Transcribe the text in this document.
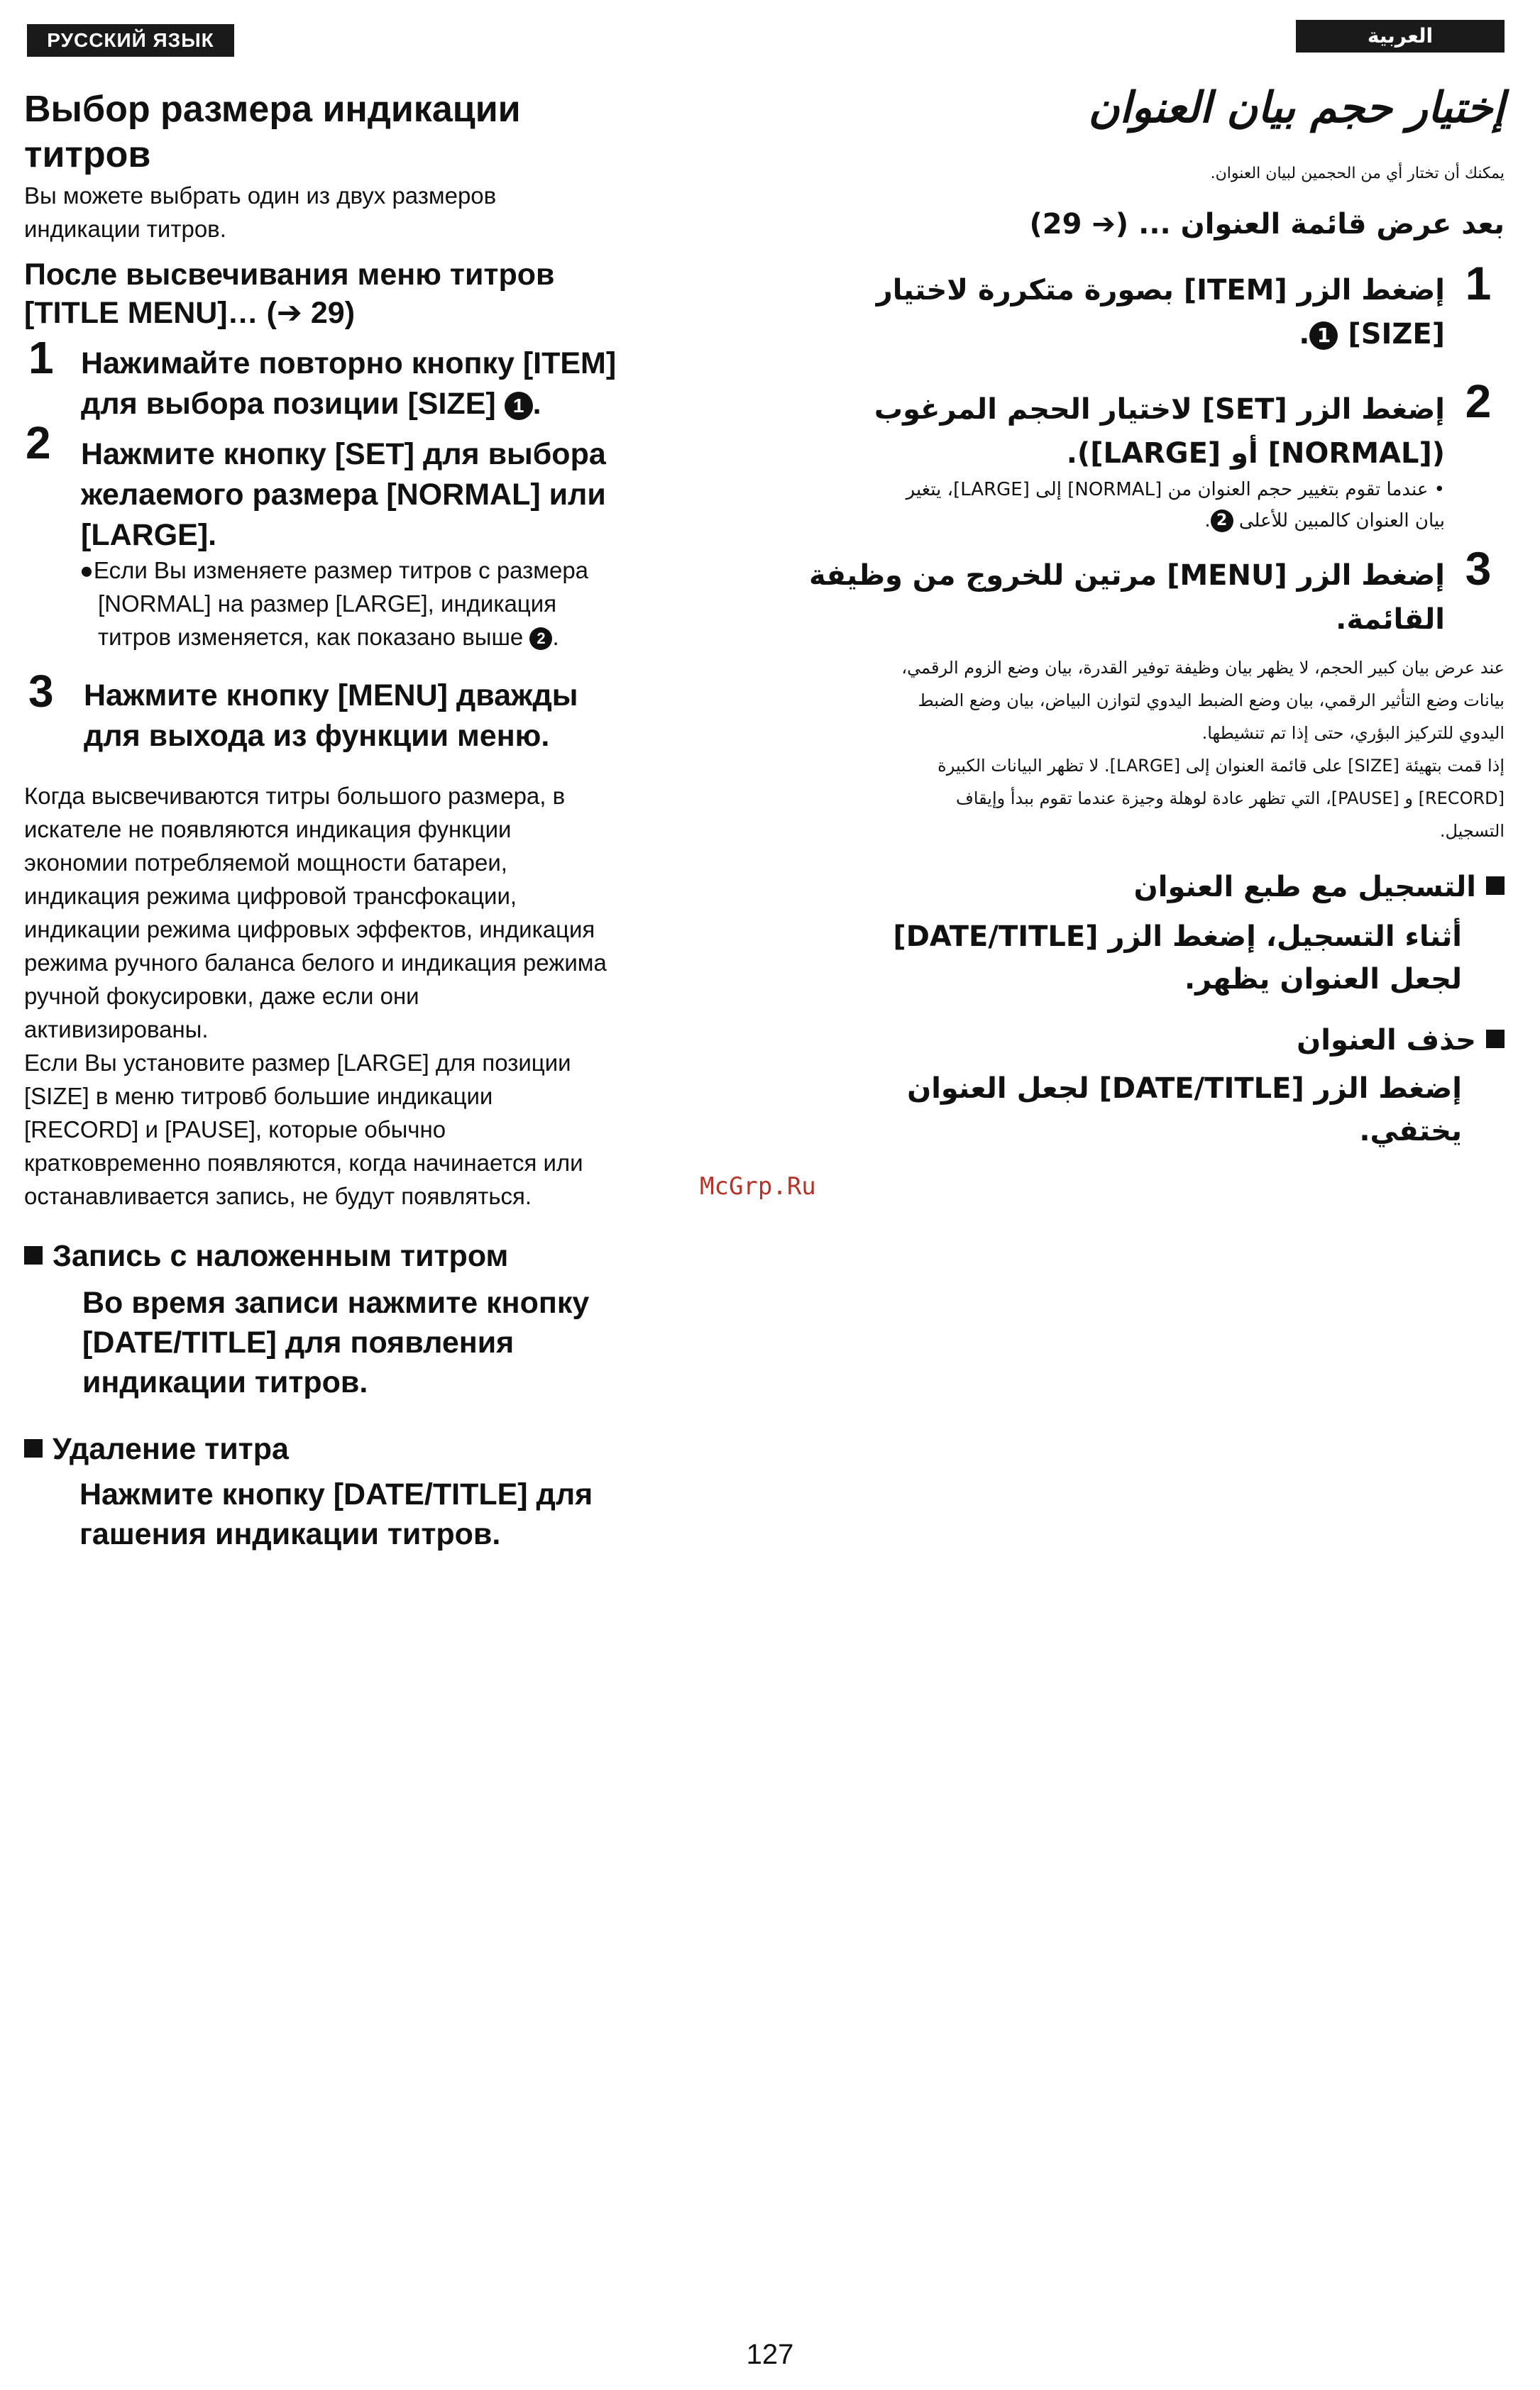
РУССКИЙ ЯЗЫК	العربية
Выбор размера индикации
титров
Вы можете выбрать один из двух размеров
индикации титров.
После высвечивания меню титров
[TITLE MENU]… (➔ 29)
1 Нажимайте повторно кнопку [ITEM]
для выбора позиции [SIZE] 1 .
2 Нажмите кнопку [SET] для выбора
желаемого размера [NORMAL] или
[LARGE].
●Если Вы изменяете размер титров с размера
[NORMAL] на размер [LARGE], индикация
титров изменяется, как показано выше 2 .
3 Нажмите кнопку [MENU] дважды
для выхода из функции меню.
Когда высвечиваются титры большого размера, в
искателе не появляются индикация функции
экономии потребляемой мощности батареи,
индикация режима цифровой трансфокации,
индикации режима цифровых эффектов, индикация
режима ручного баланса белого и индикация режима
ручной фокусировки, даже если они
активизированы.
Если Вы установите размер [LARGE] для позиции
[SIZE] в меню титровб большие индикации
[RECORD] и [PAUSE], которые обычно
кратковременно появляются, когда начинается или
останавливается запись, не будут появляться.	McGrp.Ru
Запись с наложенным титром
Во время записи нажмите кнопку
[DATE/TITLE] для появления
индикации титров.
Удаление титра
Нажмите кнопку [DATE/TITLE] для
гашения индикации титров.
إختيار حجم بيان العنوان
يمكنك أن تختار أي من الحجمين لبيان العنوان.
بعد عرض قائمة العنوان ... (➔ 29)
1
إضغط الزر [ITEM] بصورة متكررة لاختيار
[SIZE] 1.
2
إضغط الزر [SET] لاختيار الحجم المرغوب
([NORMAL] أو [LARGE]).
• عندما تقوم بتغيير حجم العنوان من [NORMAL] إلى [LARGE]، يتغير
بيان العنوان كالمبين للأعلى 2.
3
إضغط الزر [MENU] مرتين للخروج من وظيفة
القائمة.
عند عرض بيان كبير الحجم، لا يظهر بيان وظيفة توفير القدرة، بيان وضع الزوم الرقمي،
بيانات وضع التأثير الرقمي، بيان وضع الضبط اليدوي لتوازن البياض، بيان وضع الضبط
اليدوي للتركيز البؤري، حتى إذا تم تنشيطها.
إذا قمت بتهيئة [SIZE] على قائمة العنوان إلى [LARGE]. لا تظهر البيانات الكبيرة
[RECORD] و [PAUSE]، التي تظهر عادة لوهلة وجيزة عندما تقوم ببدأ وإيقاف
التسجيل.
التسجيل مع طبع العنوان
أثناء التسجيل، إضغط الزر [DATE/TITLE]
لجعل العنوان يظهر.
حذف العنوان
إضغط الزر [DATE/TITLE] لجعل العنوان
يختفي.
127
